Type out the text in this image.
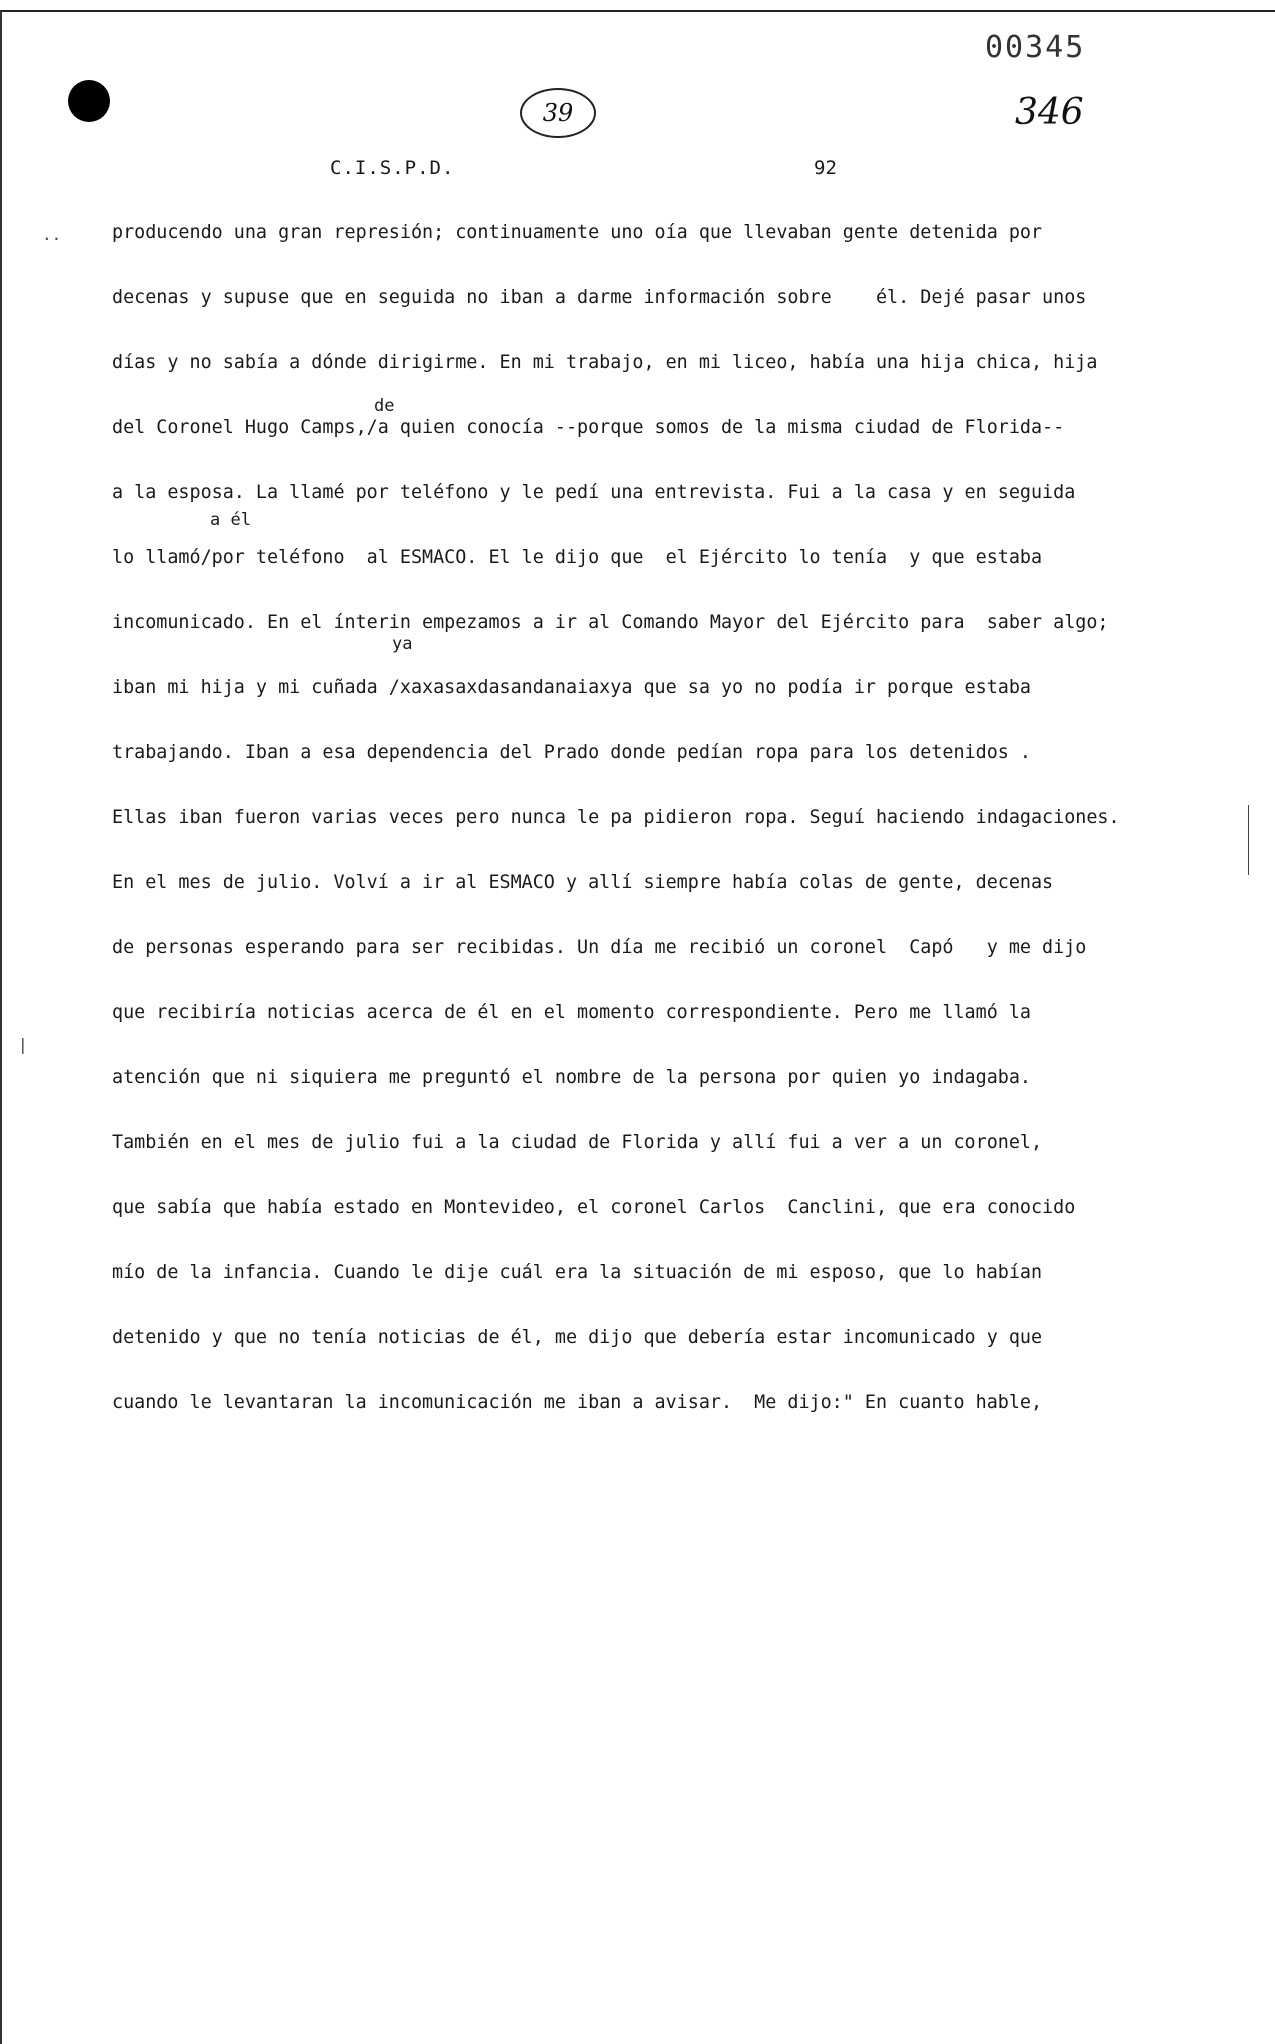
00345
346
39
C.I.S.P.D.	92
..	producendo una gran represión; continuamente uno oía que llevaban gente detenida por
decenas y supuse que en seguida no iban a darme información sobre    él. Dejé pasar unos
días y no sabía a dónde dirigirme. En mi trabajo, en mi liceo, había una hija chica, hija
de
del Coronel Hugo Camps,/a quien conocía --porque somos de la misma ciudad de Florida--
a la esposa. La llamé por teléfono y le pedí una entrevista. Fui a la casa y en seguida
a él
lo llamó/por teléfono  al ESMACO. El le dijo que  el Ejército lo tenía  y que estaba
incomunicado. En el ínterin empezamos a ir al Comando Mayor del Ejército para  saber algo;
ya
iban mi hija y mi cuñada /xaxasaxdasandanaiaxya que sa yo no podía ir porque estaba
trabajando. Iban a esa dependencia del Prado donde pedían ropa para los detenidos .
Ellas iban fueron varias veces pero nunca le pa pidieron ropa. Seguí haciendo indagaciones.
En el mes de julio. Volví a ir al ESMACO y allí siempre había colas de gente, decenas
de personas esperando para ser recibidas. Un día me recibió un coronel  Capó   y me dijo
que recibiría noticias acerca de él en el momento correspondiente. Pero me llamó la
atención que ni siquiera me preguntó el nombre de la persona por quien yo indagaba.
También en el mes de julio fui a la ciudad de Florida y allí fui a ver a un coronel,
que sabía que había estado en Montevideo, el coronel Carlos  Canclini, que era conocido
mío de la infancia. Cuando le dije cuál era la situación de mi esposo, que lo habían
detenido y que no tenía noticias de él, me dijo que debería estar incomunicado y que
cuando le levantaran la incomunicación me iban a avisar.  Me dijo:" En cuanto hable,
|
